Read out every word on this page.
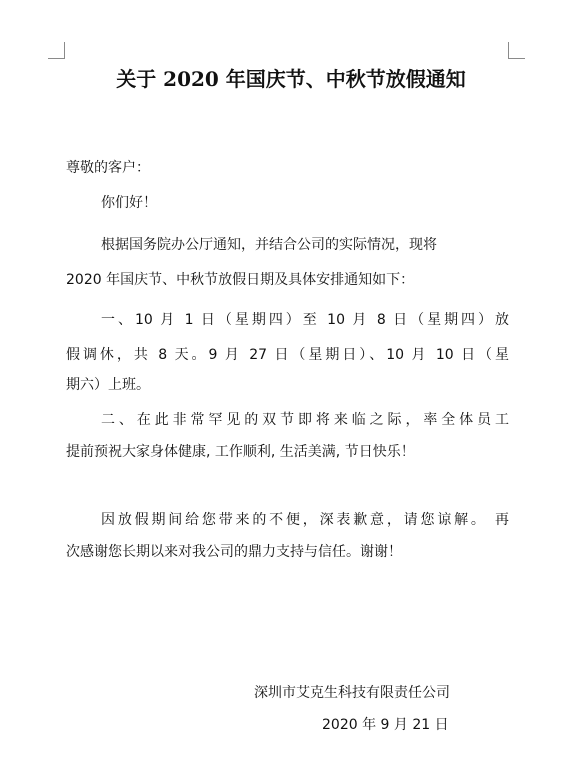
关于 2020 年国庆节、中秋节放假通知
尊敬的客户：
你们好！
根据国务院办公厅通知，并结合公司的实际情况，现将
2020 年国庆节、中秋节放假日期及具体安排通知如下：
一、10 月 1 日（星期四）至 10 月 8 日（星期四）放
假调休，共 8 天。9 月 27 日（星期日）、10 月 10 日（星
期六）上班。
二、在此非常罕见的双节即将来临之际，率全体员工
提前预祝大家身体健康, 工作顺利, 生活美满, 节日快乐！
因放假期间给您带来的不便，深表歉意，请您谅解。 再
次感谢您长期以来对我公司的鼎力支持与信任。谢谢！
深圳市艾克生科技有限责任公司
2020 年 9 月 21 日
